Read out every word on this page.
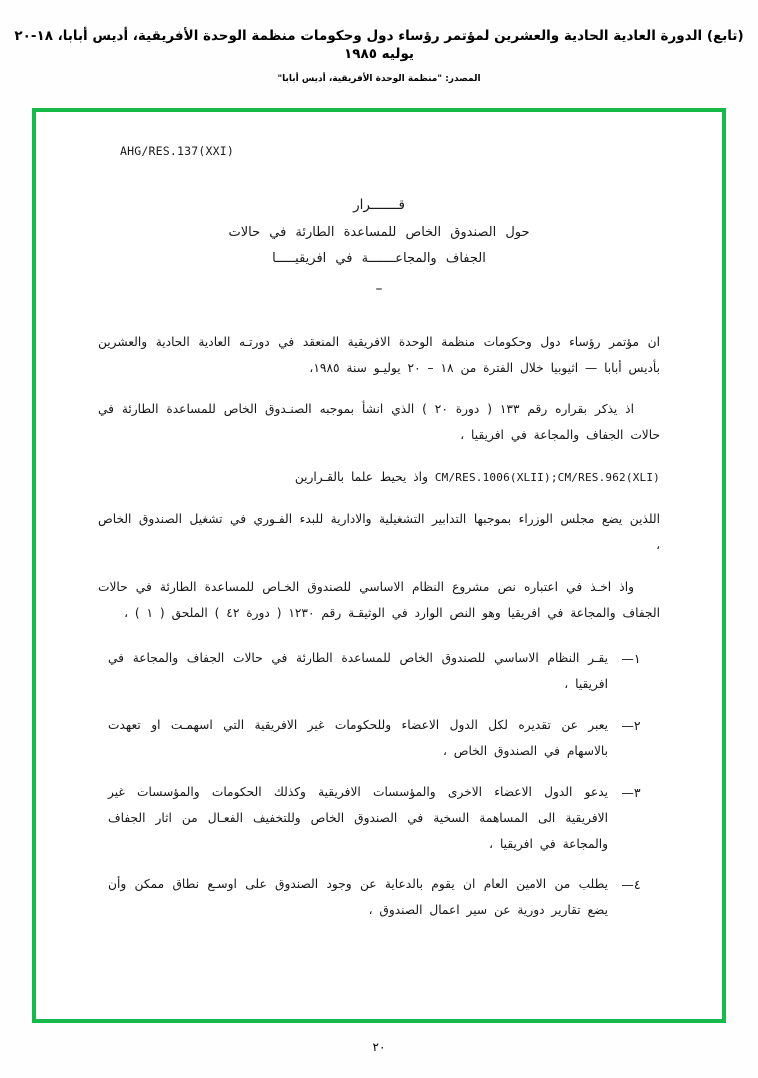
(تابع) الدورة العادية الحادية والعشرين لمؤتمر رؤساء دول وحكومات منظمة الوحدة الأفريقية، أديس أبابا، ١٨-٢٠ يوليه ١٩٨٥
المصدر: "منظمة الوحدة الأفريقية، أديس أبابا"
AHG/RES.137(XXI)
قـــــــرار
حول الصندوق الخاص للمساعدة الطارئة في حالات
الجفاف والمجاعـــــــة في افريقيـــــا
–
ان مؤتمر رؤساء دول وحكومات منظمة الوحدة الافريقية المنعقد في دورتـه العادية الحادية والعشرين بأديس أبابا — اثيوبيا خلال الفترة من ١٨ – ٢٠ يوليـو سنة ١٩٨٥،
اذ يذكر بقراره رقم ١٣٣ ( دورة ٢٠ ) الذي انشأ بموجبه الصنـدوق الخاص للمساعدة الطارئة في حالات الجفاف والمجاعة في افريقيا ،
CM/RES.1006(XLII);CM/RES.962(XLI) واذ يحيط علما بالقـرارين
اللذين يضع مجلس الوزراء بموجبها التدابير التشغيلية والادارية للبدء الفـوري في تشغيل الصندوق الخاص ،
واذ اخـذ في اعتباره نص مشروع النظام الاساسي للصندوق الخـاص للمساعدة الطارئة في حالات الجفاف والمجاعة في افريقيا وهو النص الوارد في الوثيقـة رقم ١٢٣٠ ( دورة ٤٢ ) الملحق ( ١ ) ،
١—
يقـر النظام الاساسي للصندوق الخاص للمساعدة الطارئة في حالات الجفاف والمجاعة في افريقيا ،
٢—
يعبر عن تقديره لكل الدول الاعضاء وللحكومات غير الافريقية التي اسهمـت او تعهدت بالاسهام في الصندوق الخاص ،
٣—
يدعو الدول الاعضاء الاخرى والمؤسسات الافريقية وكذلك الحكومات والمؤسسات غير الافريقية الى المساهمة السخية في الصندوق الخاص وللتخفيف الفعـال من اثار الجفاف والمجاعة في افريقيا ،
٤—
يطلب من الامين العام ان يقوم بالدعاية عن وجود الصندوق على اوسـع نطاق ممكن وأن يضع تقارير دورية عن سير اعمال الصندوق ،
٢٠
